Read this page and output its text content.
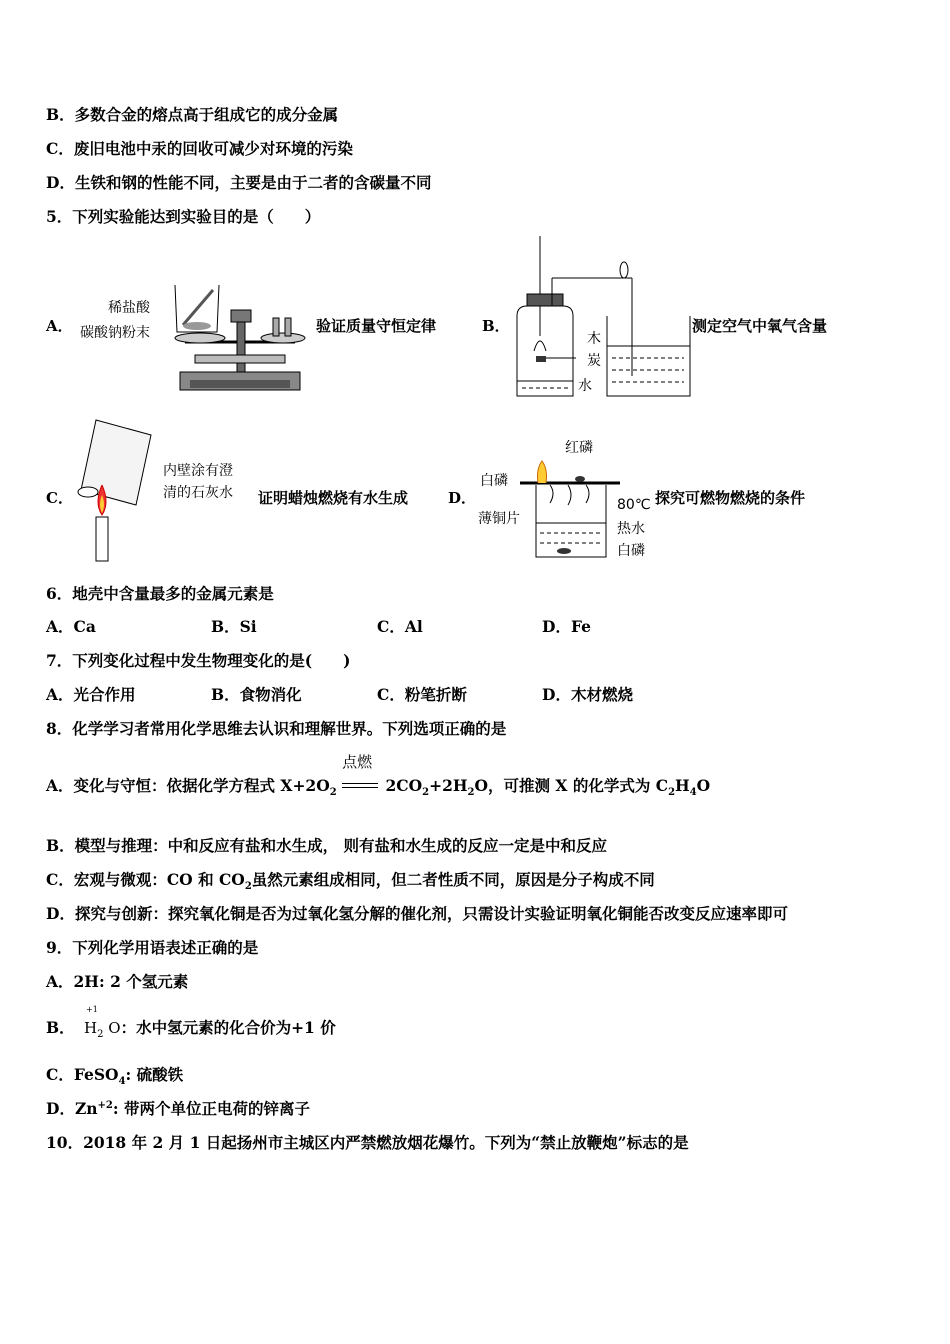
B．多数合金的熔点高于组成它的成分金属
C．废旧电池中汞的回收可减少对环境的污染
D．生铁和钢的性能不同，主要是由于二者的含碳量不同
5．下列实验能达到实验目的是（　　）
A．
稀盐酸
碳酸钠粉末	验证质量守恒定律	B．
木
炭
水
测定空气中氧气含量
C．
内壁涂有澄
清的石灰水 证明蜡烛燃烧有水生成	D．
红磷
白磷
薄铜片
80℃
热水
白磷
探究可燃物燃烧的条件
6．地壳中含量最多的金属元素是
A．Ca	B．Si	C．Al	D．Fe
7．下列变化过程中发生物理变化的是(　　)
A．光合作用	B．食物消化	C．粉笔折断	D．木材燃烧
8．化学学习者常用化学思维去认识和理解世界。下列选项正确的是
A．变化与守恒：依据化学方程式 $X+2O_2$
点燃
$2CO_2+2H_2O$，可推测 X 的化学式为 $C_2H_4O$
B．模型与推理：中和反应有盐和水生成， 则有盐和水生成的反应一定是中和反应
C．宏观与微观：CO 和 $CO_2$虽然元素组成相同，但二者性质不同，原因是分子构成不同
D．探究与创新：探究氧化铜是否为过氧化氢分解的催化剂，只需设计实验证明氧化铜能否改变反应速率即可
9．下列化学用语表述正确的是
A．2H: 2 个氢元素
B．
+1
$H_2$ O：水中氢元素的化合价为+1 价
C．FeSO$_4$: 硫酸铁
D．$Zn^{+2}$: 带两个单位正电荷的锌离子
10．2018 年 2 月 1 日起扬州市主城区内严禁燃放烟花爆竹。下列为“禁止放鞭炮”标志的是
